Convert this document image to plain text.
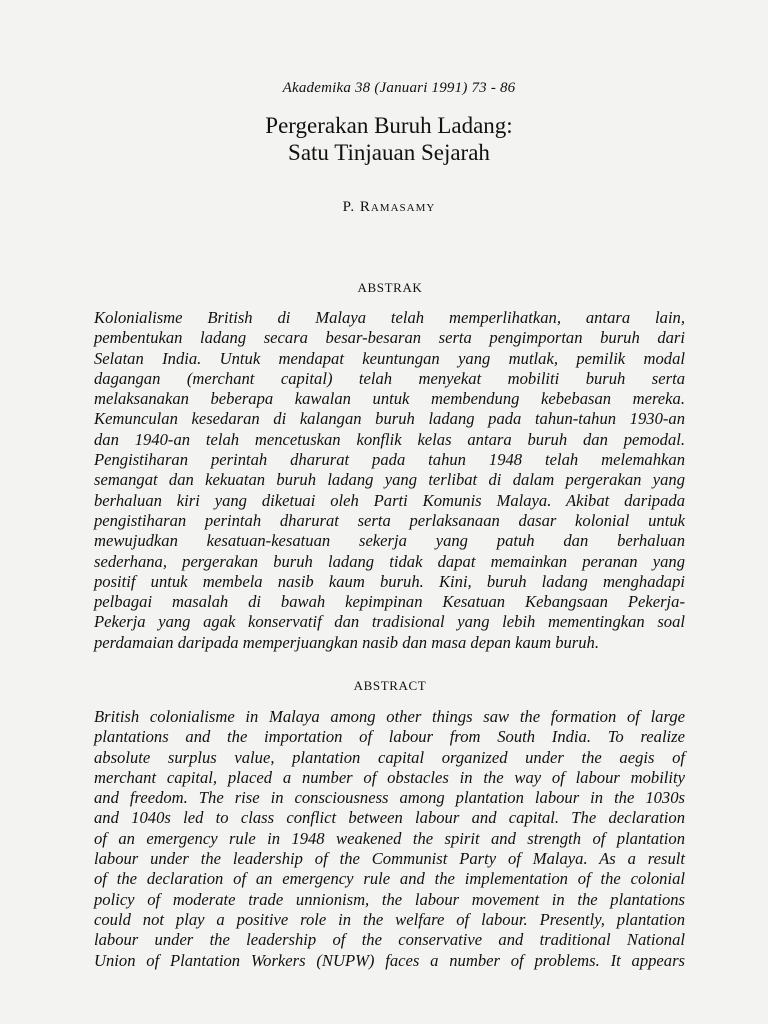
Akademika 38 (Januari 1991) 73 - 86
Pergerakan Buruh Ladang:
Satu Tinjauan Sejarah
P. Ramasamy
ABSTRAK
Kolonialisme British di Malaya telah memperlihatkan, antara lain,
pembentukan ladang secara besar-besaran serta pengimportan buruh dari
Selatan India. Untuk mendapat keuntungan yang mutlak, pemilik modal
dagangan (merchant capital) telah menyekat mobiliti buruh serta
melaksanakan beberapa kawalan untuk membendung kebebasan mereka.
Kemunculan kesedaran di kalangan buruh ladang pada tahun-tahun 1930-an
dan 1940-an telah mencetuskan konflik kelas antara buruh dan pemodal.
Pengistiharan perintah dharurat pada tahun 1948 telah melemahkan
semangat dan kekuatan buruh ladang yang terlibat di dalam pergerakan yang
berhaluan kiri yang diketuai oleh Parti Komunis Malaya. Akibat daripada
pengistiharan perintah dharurat serta perlaksanaan dasar kolonial untuk
mewujudkan kesatuan-kesatuan sekerja yang patuh dan berhaluan
sederhana, pergerakan buruh ladang tidak dapat memainkan peranan yang
positif untuk membela nasib kaum buruh. Kini, buruh ladang menghadapi
pelbagai masalah di bawah kepimpinan Kesatuan Kebangsaan Pekerja-
Pekerja yang agak konservatif dan tradisional yang lebih mementingkan soal
perdamaian daripada memperjuangkan nasib dan masa depan kaum buruh.
ABSTRACT
British colonialisme in Malaya among other things saw the formation of large
plantations and the importation of labour from South India. To realize
absolute surplus value, plantation capital organized under the aegis of
merchant capital, placed a number of obstacles in the way of labour mobility
and freedom. The rise in consciousness among plantation labour in the 1030s
and 1040s led to class conflict between labour and capital. The declaration
of an emergency rule in 1948 weakened the spirit and strength of plantation
labour under the leadership of the Communist Party of Malaya. As a result
of the declaration of an emergency rule and the implementation of the colonial
policy of moderate trade unnionism, the labour movement in the plantations
could not play a positive role in the welfare of labour. Presently, plantation
labour under the leadership of the conservative and traditional National
Union of Plantation Workers (NUPW) faces a number of problems. It appears
